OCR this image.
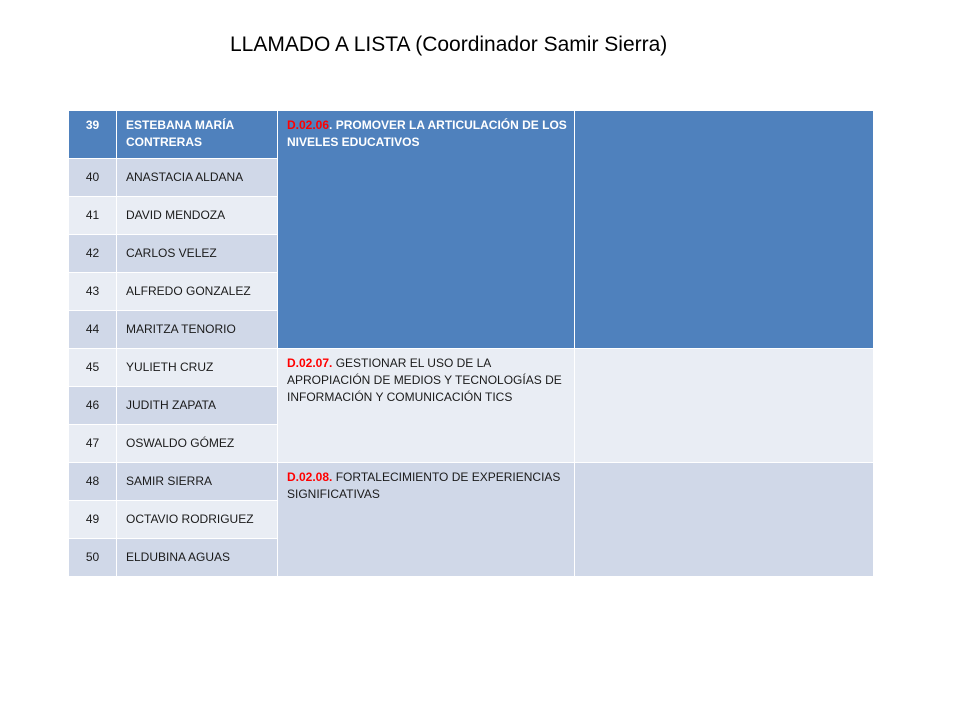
LLAMADO A LISTA (Coordinador Samir Sierra)
39	ESTEBANA MARÍA CONTRERAS	D.02.06. PROMOVER LA ARTICULACIÓN DE LOS NIVELES EDUCATIVOS	
40	ANASTACIA ALDANA		
41	DAVID MENDOZA		
42	CARLOS VELEZ		
43	ALFREDO GONZALEZ		
44	MARITZA TENORIO		
45	YULIETH CRUZ	D.02.07. GESTIONAR EL USO DE LA APROPIACIÓN DE MEDIOS Y TECNOLOGÍAS DE INFORMACIÓN Y COMUNICACIÓN TICS	
46	JUDITH ZAPATA		
47	OSWALDO GÓMEZ		
48	SAMIR SIERRA	D.02.08. FORTALECIMIENTO DE EXPERIENCIAS SIGNIFICATIVAS	
49	OCTAVIO RODRIGUEZ		
50	ELDUBINA AGUAS		
